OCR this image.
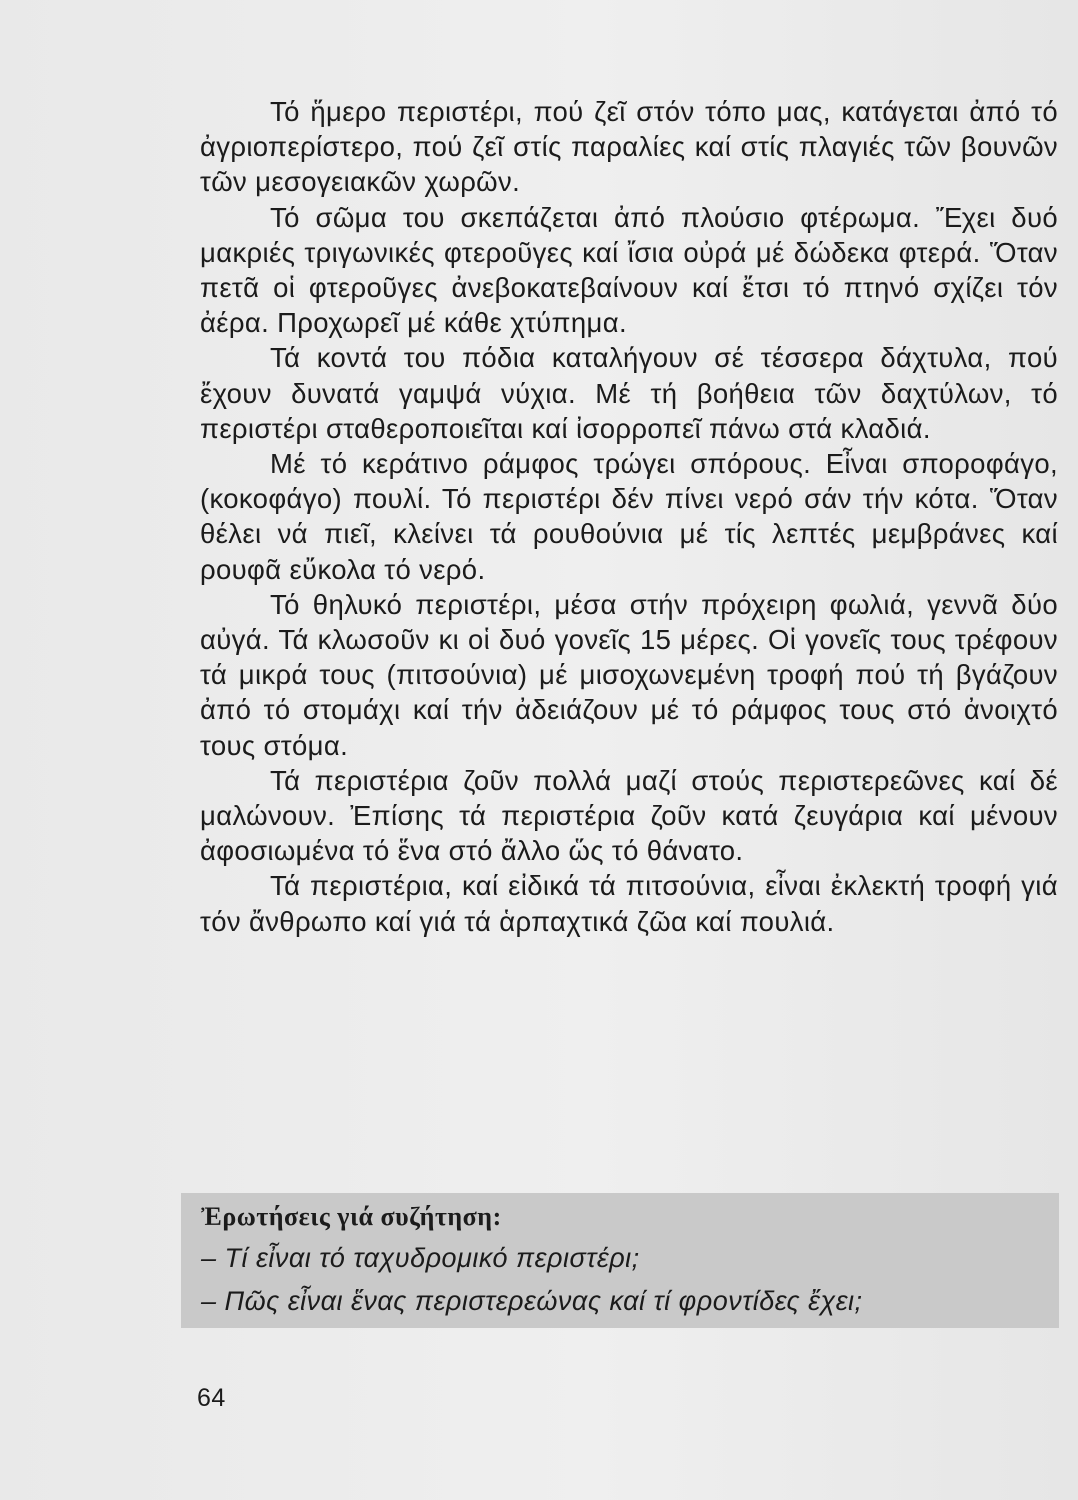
Τό ἥμερο περιστέρι, πού ζεῖ στόν τόπο μας, κατάγεται ἀπό τό ἀγριοπερίστερο, πού ζεῖ στίς παραλίες καί στίς πλαγιές τῶν βουνῶν τῶν μεσογειακῶν χωρῶν.

Τό σῶμα του σκεπάζεται ἀπό πλούσιο φτέρωμα. Ἔχει δυό μακριές τριγωνικές φτεροῦγες καί ἴσια οὐρά μέ δώδεκα φτερά. Ὅταν πετᾶ οἱ φτεροῦγες ἀνεβοκατεβαίνουν καί ἔτσι τό πτηνό σχίζει τόν ἀέρα. Προχωρεῖ μέ κάθε χτύπημα.

Τά κοντά του πόδια καταλήγουν σέ τέσσερα δάχτυλα, πού ἔχουν δυνατά γαμψά νύχια. Μέ τή βοήθεια τῶν δαχτύλων, τό περιστέρι σταθεροποιεῖται καί ἰσορροπεῖ πάνω στά κλαδιά.

Μέ τό κεράτινο ράμφος τρώγει σπόρους. Εἶναι σποροφάγο, (κοκοφάγο) πουλί. Τό περιστέρι δέν πίνει νερό σάν τήν κότα. Ὅταν θέλει νά πιεῖ, κλείνει τά ρουθούνια μέ τίς λεπτές μεμβράνες καί ρουφᾶ εὔκολα τό νερό.

Τό θηλυκό περιστέρι, μέσα στήν πρόχειρη φωλιά, γεννᾶ δύο αὐγά. Τά κλωσοῦν κι οἱ δυό γονεῖς 15 μέρες. Οἱ γονεῖς τους τρέφουν τά μικρά τους (πιτσούνια) μέ μισοχωνεμένη τροφή πού τή βγάζουν ἀπό τό στομάχι καί τήν ἀδειάζουν μέ τό ράμφος τους στό ἀνοιχτό τους στόμα.

Τά περιστέρια ζοῦν πολλά μαζί στούς περιστερεῶνες καί δέ μαλώνουν. Ἐπίσης τά περιστέρια ζοῦν κατά ζευγάρια καί μένουν ἀφοσιωμένα τό ἕνα στό ἄλλο ὥς τό θάνατο.

Τά περιστέρια, καί εἰδικά τά πιτσούνια, εἶναι ἐκλεκτή τροφή γιά τόν ἄνθρωπο καί γιά τά ἁρπαχτικά ζῶα καί πουλιά.

Ἐρωτήσεις γιά συζήτηση:
– Τί εἶναι τό ταχυδρομικό περιστέρι;
– Πῶς εἶναι ἕνας περιστερεώνας καί τί φροντίδες ἔχει;
64
